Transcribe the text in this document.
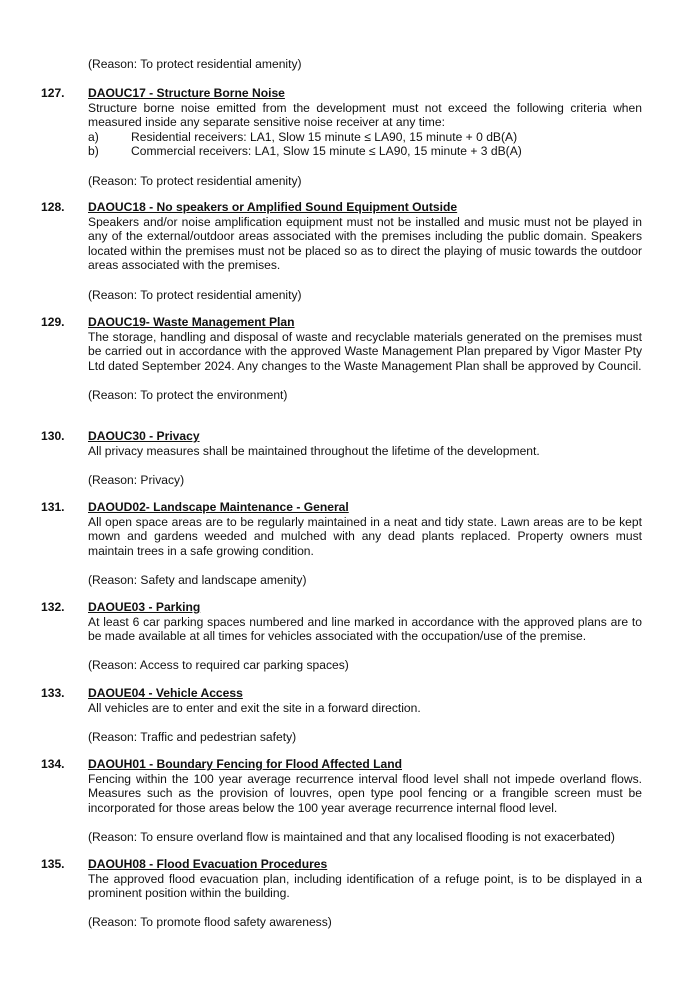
(Reason: To protect residential amenity)
127. DAOUC17 - Structure Borne Noise
Structure borne noise emitted from the development must not exceed the following criteria when measured inside any separate sensitive noise receiver at any time:
a)	Residential receivers: LA1, Slow 15 minute ≤ LA90, 15 minute + 0 dB(A)
b)	Commercial receivers: LA1, Slow 15 minute ≤ LA90, 15 minute + 3 dB(A)
(Reason: To protect residential amenity)
128. DAOUC18 - No speakers or Amplified Sound Equipment Outside
Speakers and/or noise amplification equipment must not be installed and music must not be played in any of the external/outdoor areas associated with the premises including the public domain. Speakers located within the premises must not be placed so as to direct the playing of music towards the outdoor areas associated with the premises.
(Reason: To protect residential amenity)
129. DAOUC19- Waste Management Plan
The storage, handling and disposal of waste and recyclable materials generated on the premises must be carried out in accordance with the approved Waste Management Plan prepared by Vigor Master Pty Ltd dated September 2024. Any changes to the Waste Management Plan shall be approved by Council.
(Reason: To protect the environment)
130. DAOUC30 - Privacy
All privacy measures shall be maintained throughout the lifetime of the development.
(Reason: Privacy)
131. DAOUD02- Landscape Maintenance - General
All open space areas are to be regularly maintained in a neat and tidy state. Lawn areas are to be kept mown and gardens weeded and mulched with any dead plants replaced. Property owners must maintain trees in a safe growing condition.
(Reason: Safety and landscape amenity)
132. DAOUE03 - Parking
At least 6 car parking spaces numbered and line marked in accordance with the approved plans are to be made available at all times for vehicles associated with the occupation/use of the premise.
(Reason: Access to required car parking spaces)
133. DAOUE04 - Vehicle Access
All vehicles are to enter and exit the site in a forward direction.
(Reason: Traffic and pedestrian safety)
134. DAOUH01 - Boundary Fencing for Flood Affected Land
Fencing within the 100 year average recurrence interval flood level shall not impede overland flows. Measures such as the provision of louvres, open type pool fencing or a frangible screen must be incorporated for those areas below the 100 year average recurrence internal flood level.
(Reason: To ensure overland flow is maintained and that any localised flooding is not exacerbated)
135. DAOUH08 - Flood Evacuation Procedures
The approved flood evacuation plan, including identification of a refuge point, is to be displayed in a prominent position within the building.
(Reason: To promote flood safety awareness)
